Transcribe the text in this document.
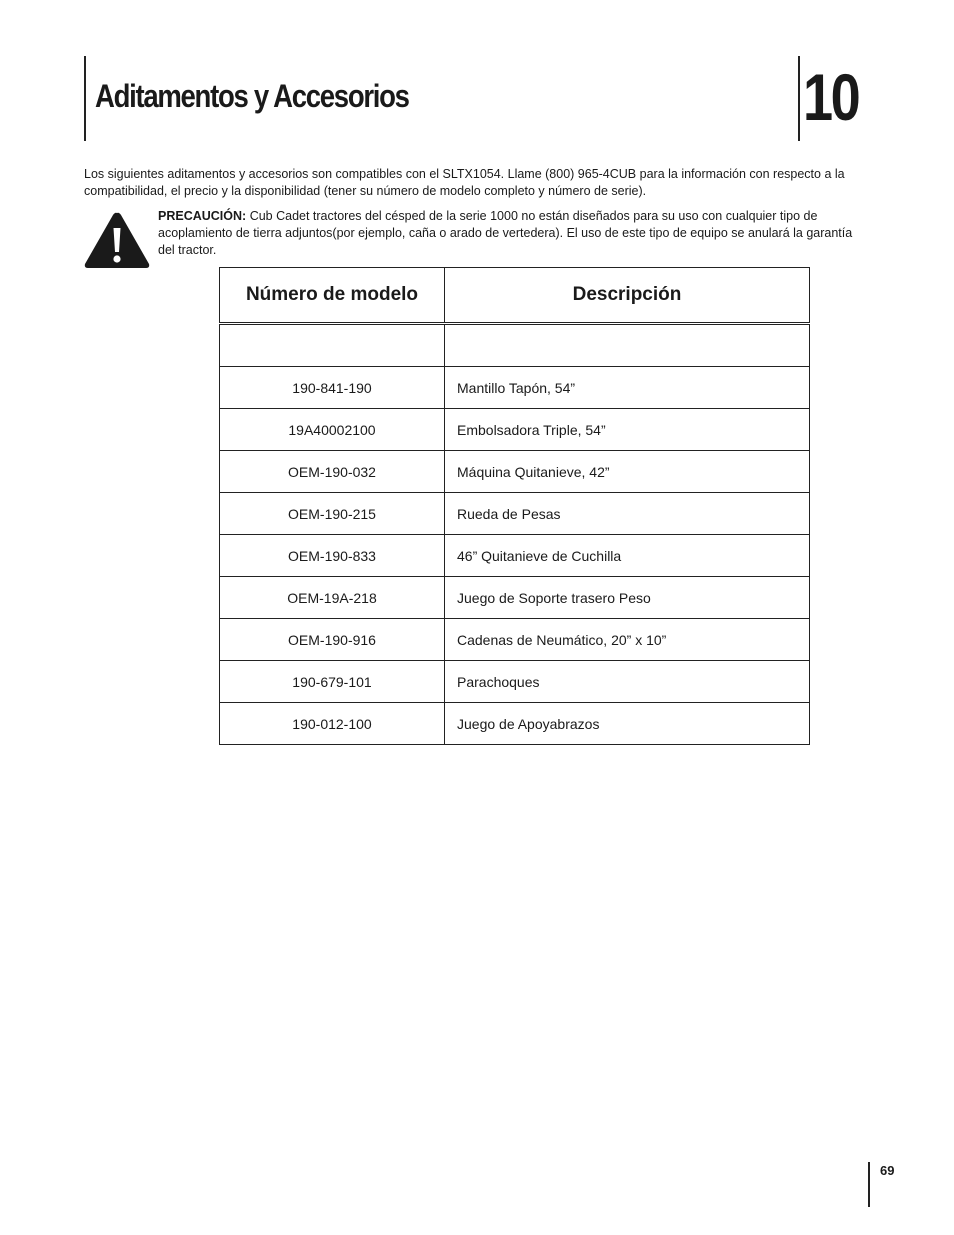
Aditamentos y Accesorios	10

Los siguientes aditamentos y accesorios son compatibles con el SLTX1054. Llame (800) 965-4CUB para la información con respecto a la compatibilidad, el precio y la disponibilidad (tener su número de modelo completo y número de serie).

PRECAUCIÓN: Cub Cadet tractores del césped de la serie 1000 no están diseñados para su uso con cualquier tipo de acoplamiento de tierra adjuntos(por ejemplo, caña o arado de vertedera). El uso de este tipo de equipo se anulará la garantía del tractor.

Número de modelo	Descripción

190-841-190	Mantillo Tapón, 54”
19A40002100	Embolsadora Triple, 54”
OEM-190-032	Máquina Quitanieve, 42”
OEM-190-215	Rueda de Pesas
OEM-190-833	46” Quitanieve de Cuchilla
OEM-19A-218	Juego de Soporte trasero Peso
OEM-190-916	Cadenas de Neumático, 20” x 10”
190-679-101	Parachoques
190-012-100	Juego de Apoyabrazos
69
